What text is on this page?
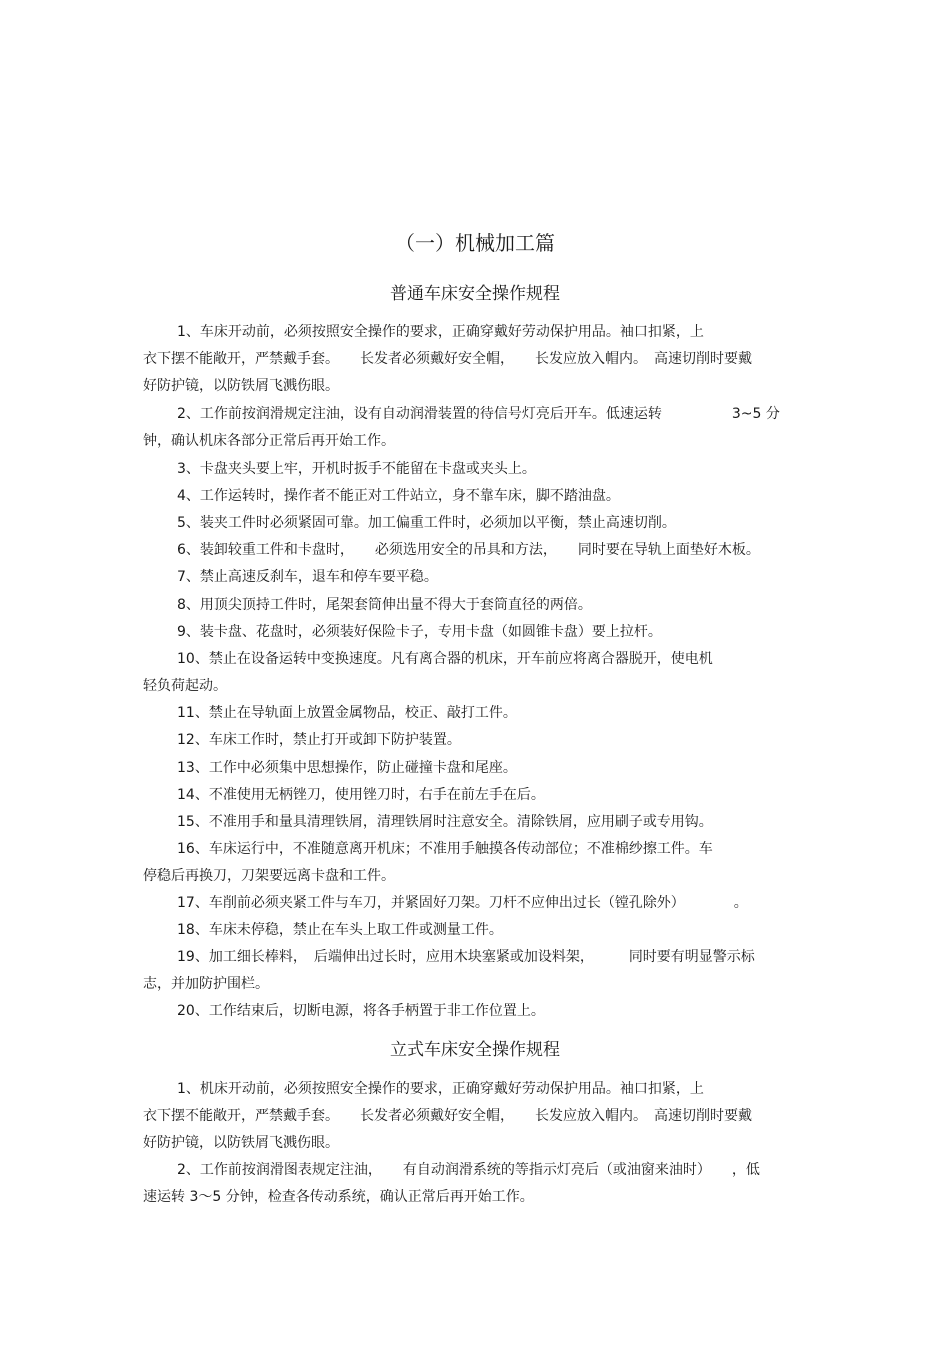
（一）机械加工篇
普通车床安全操作规程
1、车床开动前，必须按照安全操作的要求，正确穿戴好劳动保护用品。袖口扣紧，上
衣下摆不能敞开，严禁戴手套。　　长发者必须戴好安全帽，　　长发应放入帽内。　高速切削时要戴
好防护镜，以防铁屑飞溅伤眼。
2、工作前按润滑规定注油，设有自动润滑装置的待信号灯亮后开车。低速运转　　　　　3~5 分
钟，确认机床各部分正常后再开始工作。
3、卡盘夹头要上牢，开机时扳手不能留在卡盘或夹头上。
4、工作运转时，操作者不能正对工件站立，身不靠车床，脚不踏油盘。
5、装夹工件时必须紧固可靠。加工偏重工件时，必须加以平衡，禁止高速切削。
6、装卸较重工件和卡盘时，　　必须选用安全的吊具和方法，　　同时要在导轨上面垫好木板。
7、禁止高速反刹车，退车和停车要平稳。
8、用顶尖顶持工件时，尾架套筒伸出量不得大于套筒直径的两倍。
9、装卡盘、花盘时，必须装好保险卡子，专用卡盘（如圆锥卡盘）要上拉杆。
10、禁止在设备运转中变换速度。凡有离合器的机床，开车前应将离合器脱开，使电机
轻负荷起动。
11、禁止在导轨面上放置金属物品，校正、敲打工件。
12、车床工作时，禁止打开或卸下防护装置。
13、工作中必须集中思想操作，防止碰撞卡盘和尾座。
14、不准使用无柄锉刀，使用锉刀时，右手在前左手在后。
15、不准用手和量具清理铁屑，清理铁屑时注意安全。清除铁屑，应用刷子或专用钩。
16、车床运行中，不准随意离开机床；不准用手触摸各传动部位；不准棉纱擦工件。车
停稳后再换刀，刀架要远离卡盘和工件。
17、车削前必须夹紧工件与车刀，并紧固好刀架。刀杆不应伸出过长（镗孔除外）　　　　。
18、车床未停稳，禁止在车头上取工件或测量工件。
19、加工细长棒料，　后端伸出过长时，应用木块塞紧或加设料架，　　　同时要有明显警示标
志，并加防护围栏。
20、工作结束后，切断电源，将各手柄置于非工作位置上。
立式车床安全操作规程
1、机床开动前，必须按照安全操作的要求，正确穿戴好劳动保护用品。袖口扣紧，上
衣下摆不能敞开，严禁戴手套。　　长发者必须戴好安全帽，　　长发应放入帽内。　高速切削时要戴
好防护镜，以防铁屑飞溅伤眼。
2、工作前按润滑图表规定注油，　　有自动润滑系统的等指示灯亮后（或油窗来油时）　　，低
速运转 3～5 分钟，检查各传动系统，确认正常后再开始工作。
